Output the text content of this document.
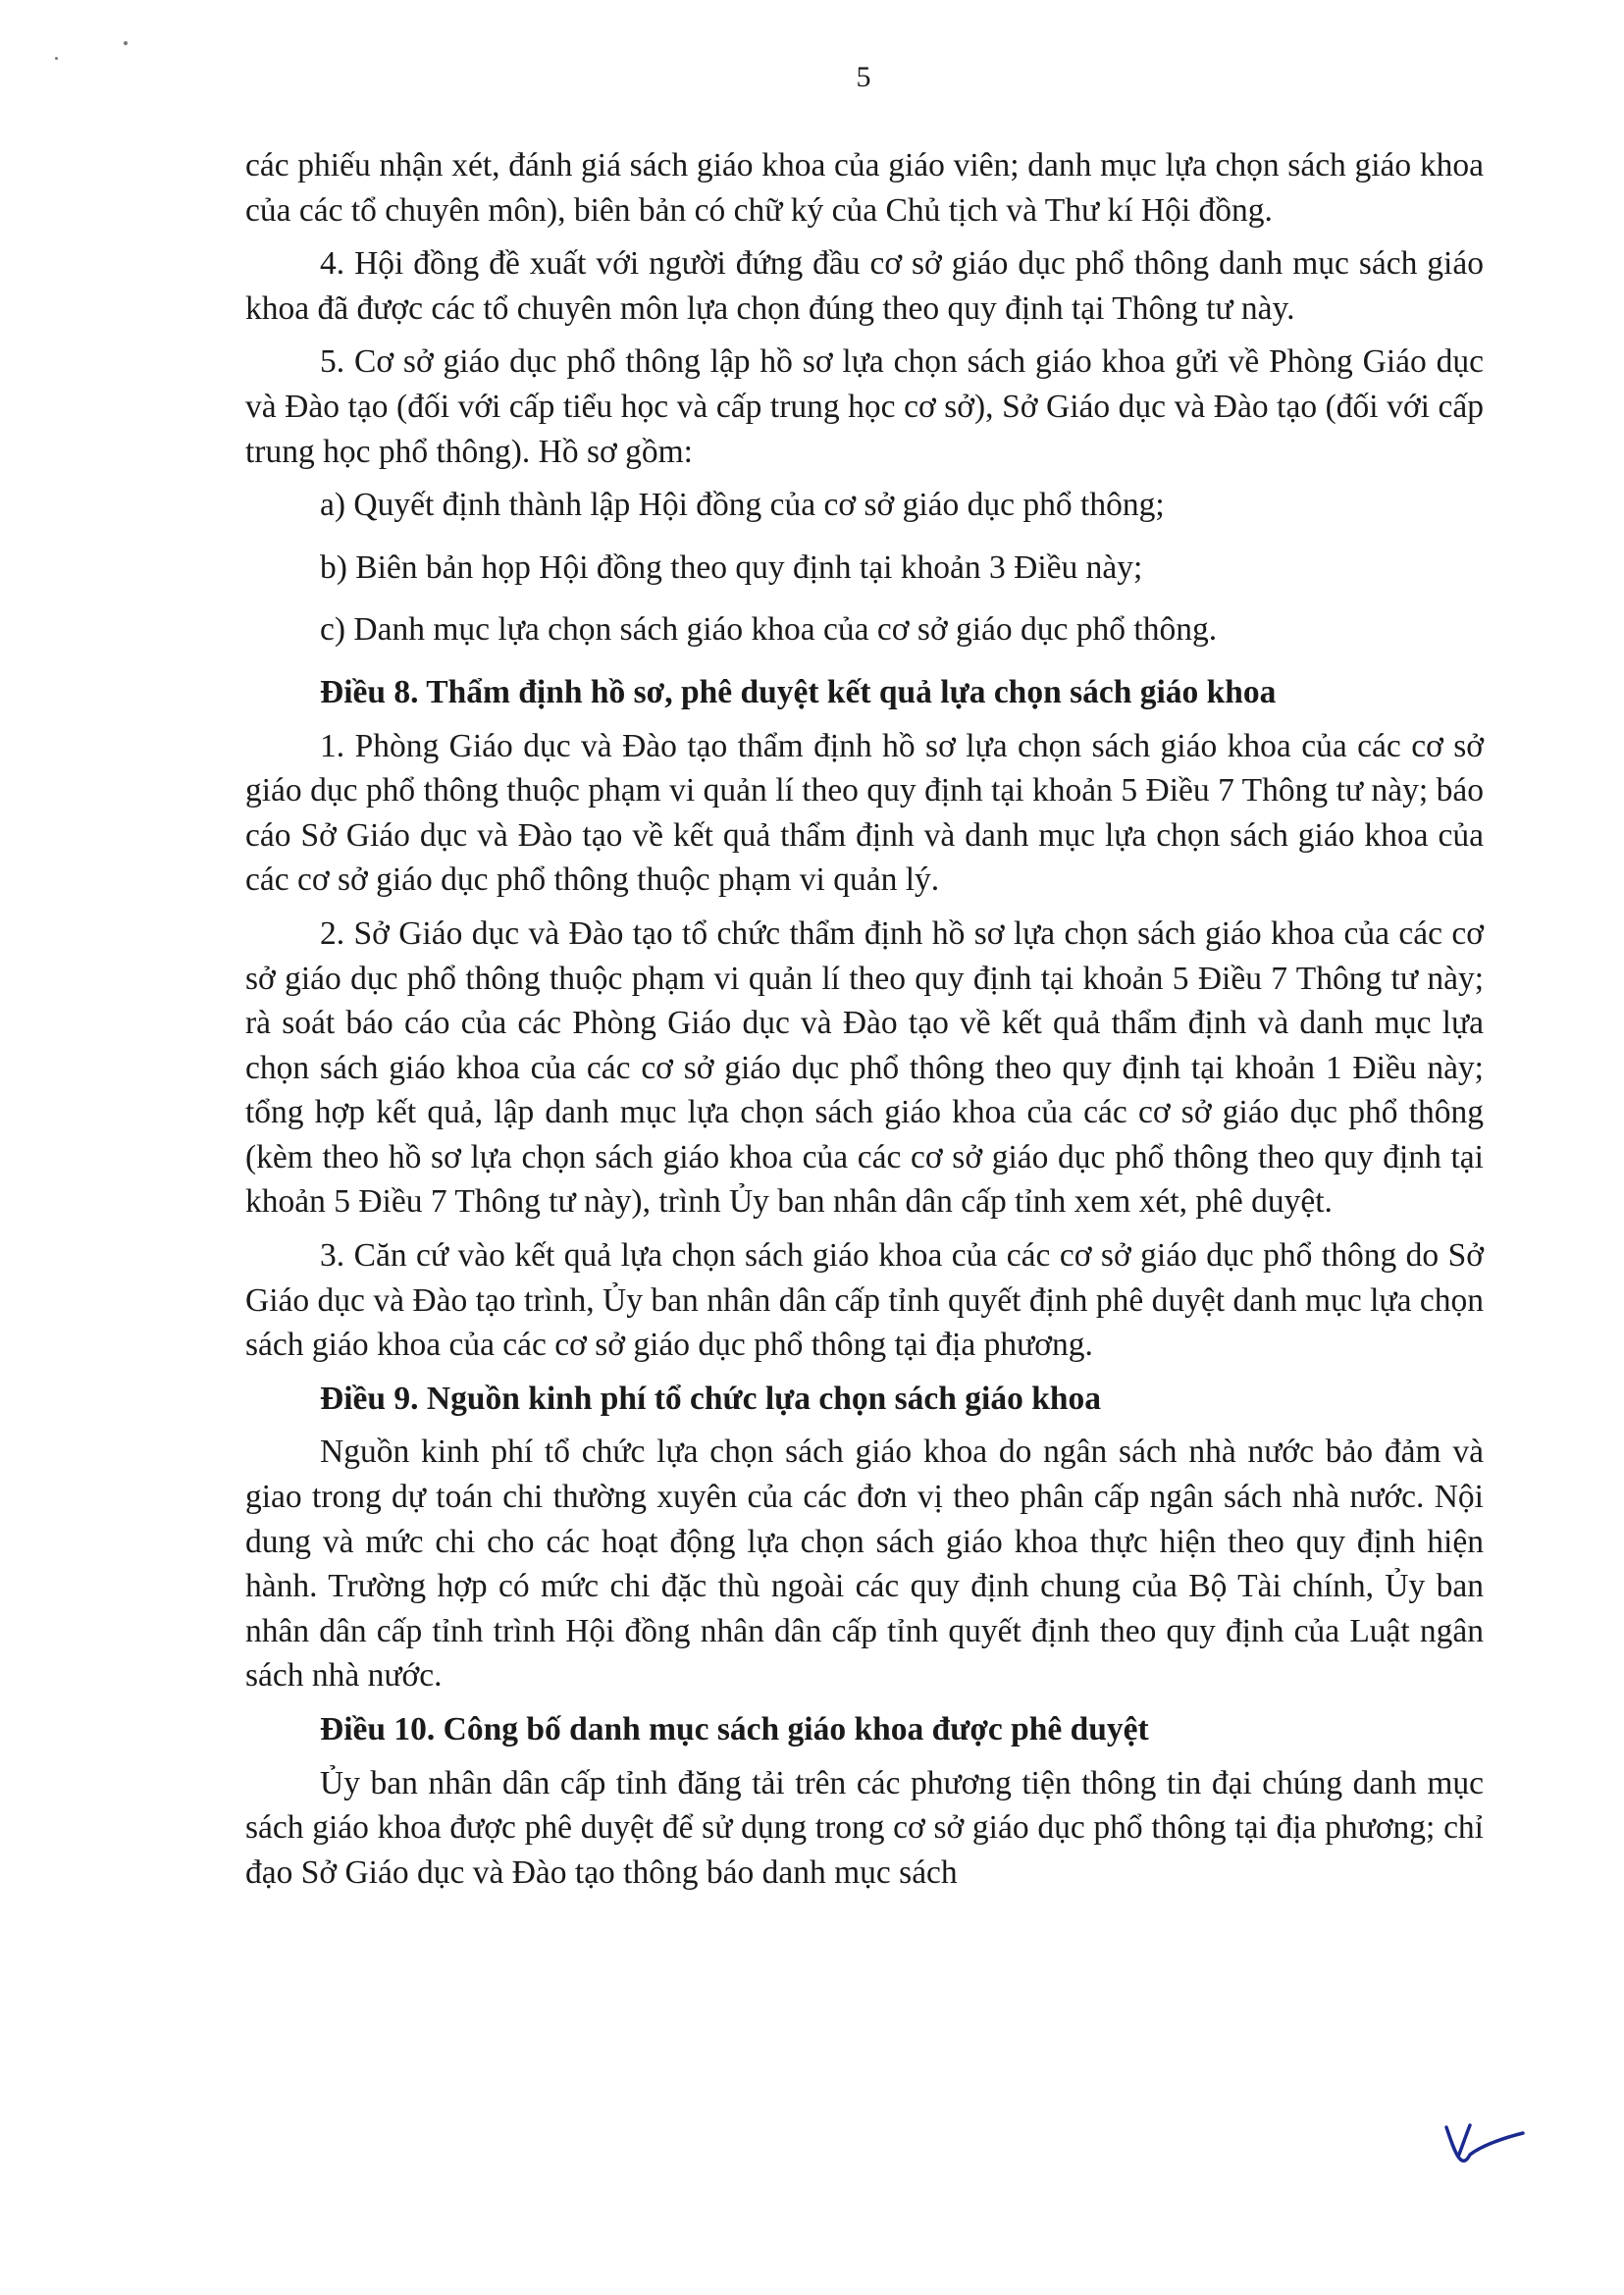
5

các phiếu nhận xét, đánh giá sách giáo khoa của giáo viên; danh mục lựa chọn sách giáo khoa của các tổ chuyên môn), biên bản có chữ ký của Chủ tịch và Thư kí Hội đồng.

4. Hội đồng đề xuất với người đứng đầu cơ sở giáo dục phổ thông danh mục sách giáo khoa đã được các tổ chuyên môn lựa chọn đúng theo quy định tại Thông tư này.

5. Cơ sở giáo dục phổ thông lập hồ sơ lựa chọn sách giáo khoa gửi về Phòng Giáo dục và Đào tạo (đối với cấp tiểu học và cấp trung học cơ sở), Sở Giáo dục và Đào tạo (đối với cấp trung học phổ thông). Hồ sơ gồm:

a) Quyết định thành lập Hội đồng của cơ sở giáo dục phổ thông;

b) Biên bản họp Hội đồng theo quy định tại khoản 3 Điều này;

c) Danh mục lựa chọn sách giáo khoa của cơ sở giáo dục phổ thông.

Điều 8. Thẩm định hồ sơ, phê duyệt kết quả lựa chọn sách giáo khoa

1. Phòng Giáo dục và Đào tạo thẩm định hồ sơ lựa chọn sách giáo khoa của các cơ sở giáo dục phổ thông thuộc phạm vi quản lí theo quy định tại khoản 5 Điều 7 Thông tư này; báo cáo Sở Giáo dục và Đào tạo về kết quả thẩm định và danh mục lựa chọn sách giáo khoa của các cơ sở giáo dục phổ thông thuộc phạm vi quản lý.

2. Sở Giáo dục và Đào tạo tổ chức thẩm định hồ sơ lựa chọn sách giáo khoa của các cơ sở giáo dục phổ thông thuộc phạm vi quản lí theo quy định tại khoản 5 Điều 7 Thông tư này; rà soát báo cáo của các Phòng Giáo dục và Đào tạo về kết quả thẩm định và danh mục lựa chọn sách giáo khoa của các cơ sở giáo dục phổ thông theo quy định tại khoản 1 Điều này; tổng hợp kết quả, lập danh mục lựa chọn sách giáo khoa của các cơ sở giáo dục phổ thông (kèm theo hồ sơ lựa chọn sách giáo khoa của các cơ sở giáo dục phổ thông theo quy định tại khoản 5 Điều 7 Thông tư này), trình Ủy ban nhân dân cấp tỉnh xem xét, phê duyệt.

3. Căn cứ vào kết quả lựa chọn sách giáo khoa của các cơ sở giáo dục phổ thông do Sở Giáo dục và Đào tạo trình, Ủy ban nhân dân cấp tỉnh quyết định phê duyệt danh mục lựa chọn sách giáo khoa của các cơ sở giáo dục phổ thông tại địa phương.

Điều 9. Nguồn kinh phí tổ chức lựa chọn sách giáo khoa

Nguồn kinh phí tổ chức lựa chọn sách giáo khoa do ngân sách nhà nước bảo đảm và giao trong dự toán chi thường xuyên của các đơn vị theo phân cấp ngân sách nhà nước. Nội dung và mức chi cho các hoạt động lựa chọn sách giáo khoa thực hiện theo quy định hiện hành. Trường hợp có mức chi đặc thù ngoài các quy định chung của Bộ Tài chính, Ủy ban nhân dân cấp tỉnh trình Hội đồng nhân dân cấp tỉnh quyết định theo quy định của Luật ngân sách nhà nước.

Điều 10. Công bố danh mục sách giáo khoa được phê duyệt

Ủy ban nhân dân cấp tỉnh đăng tải trên các phương tiện thông tin đại chúng danh mục sách giáo khoa được phê duyệt để sử dụng trong cơ sở giáo dục phổ thông tại địa phương; chỉ đạo Sở Giáo dục và Đào tạo thông báo danh mục sách
